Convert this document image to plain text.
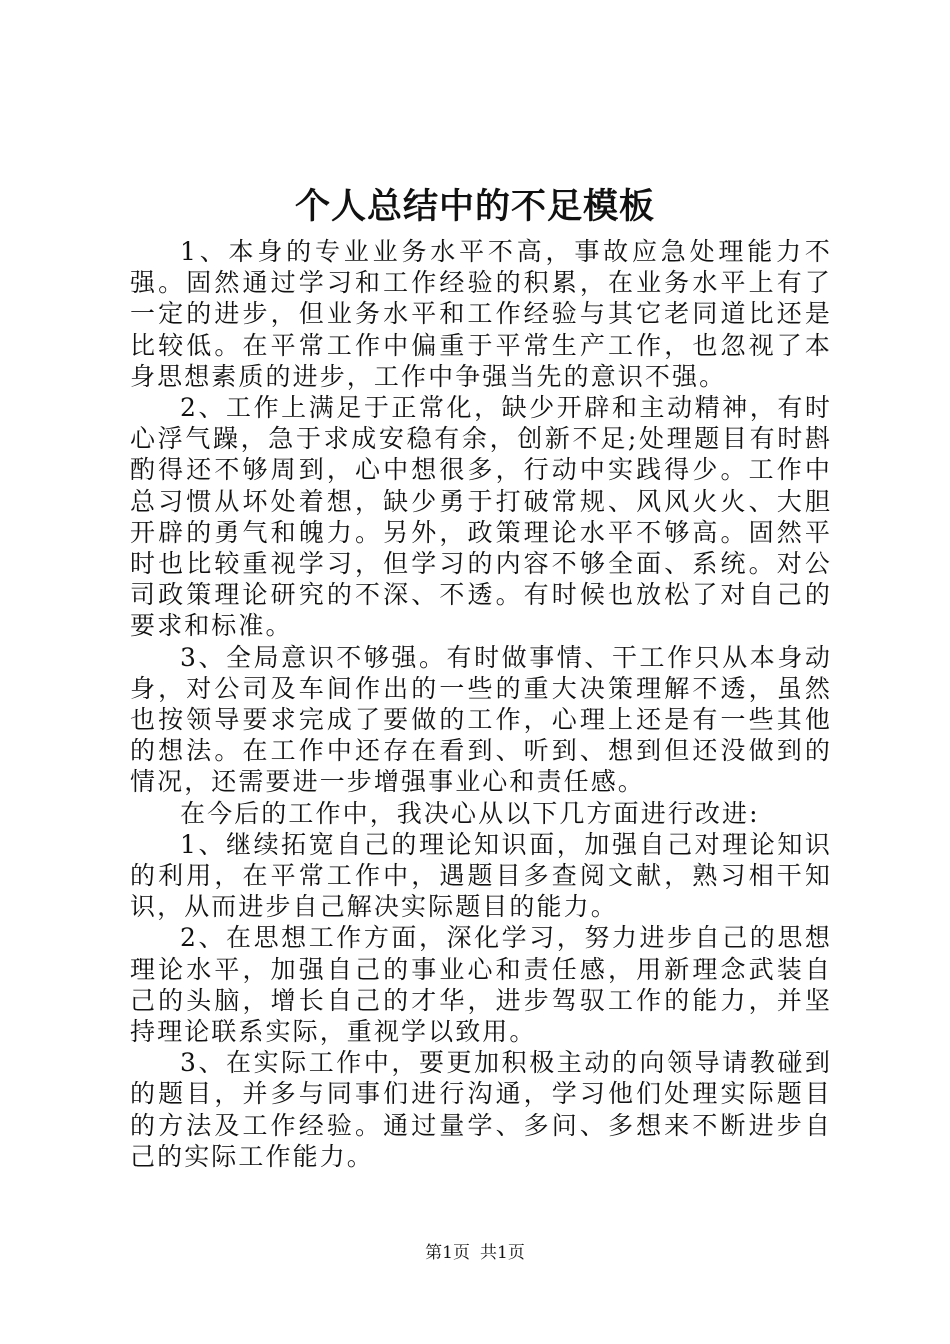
个人总结中的不足模板

1、本身的专业业务水平不高，事故应急处理能力不强。固然通过学习和工作经验的积累，在业务水平上有了一定的进步，但业务水平和工作经验与其它老同道比还是比较低。在平常工作中偏重于平常生产工作，也忽视了本身思想素质的进步，工作中争强当先的意识不强。

2、工作上满足于正常化，缺少开辟和主动精神，有时心浮气躁，急于求成安稳有余，创新不足;处理题目有时斟酌得还不够周到，心中想很多，行动中实践得少。工作中总习惯从坏处着想，缺少勇于打破常规、风风火火、大胆开辟的勇气和魄力。另外，政策理论水平不够高。固然平时也比较重视学习，但学习的内容不够全面、系统。对公司政策理论研究的不深、不透。有时候也放松了对自己的要求和标准。

3、全局意识不够强。有时做事情、干工作只从本身动身，对公司及车间作出的一些的重大决策理解不透，虽然也按领导要求完成了要做的工作，心理上还是有一些其他的想法。在工作中还存在看到、听到、想到但还没做到的情况，还需要进一步增强事业心和责任感。

在今后的工作中，我决心从以下几方面进行改进:

1、继续拓宽自己的理论知识面，加强自己对理论知识的利用，在平常工作中，遇题目多查阅文献，熟习相干知识，从而进步自己解决实际题目的能力。

2、在思想工作方面，深化学习，努力进步自己的思想理论水平，加强自己的事业心和责任感，用新理念武装自己的头脑，增长自己的才华，进步驾驭工作的能力，并坚持理论联系实际，重视学以致用。

3、在实际工作中，要更加积极主动的向领导请教碰到的题目，并多与同事们进行沟通，学习他们处理实际题目的方法及工作经验。通过量学、多问、多想来不断进步自己的实际工作能力。

第1页 共1页
